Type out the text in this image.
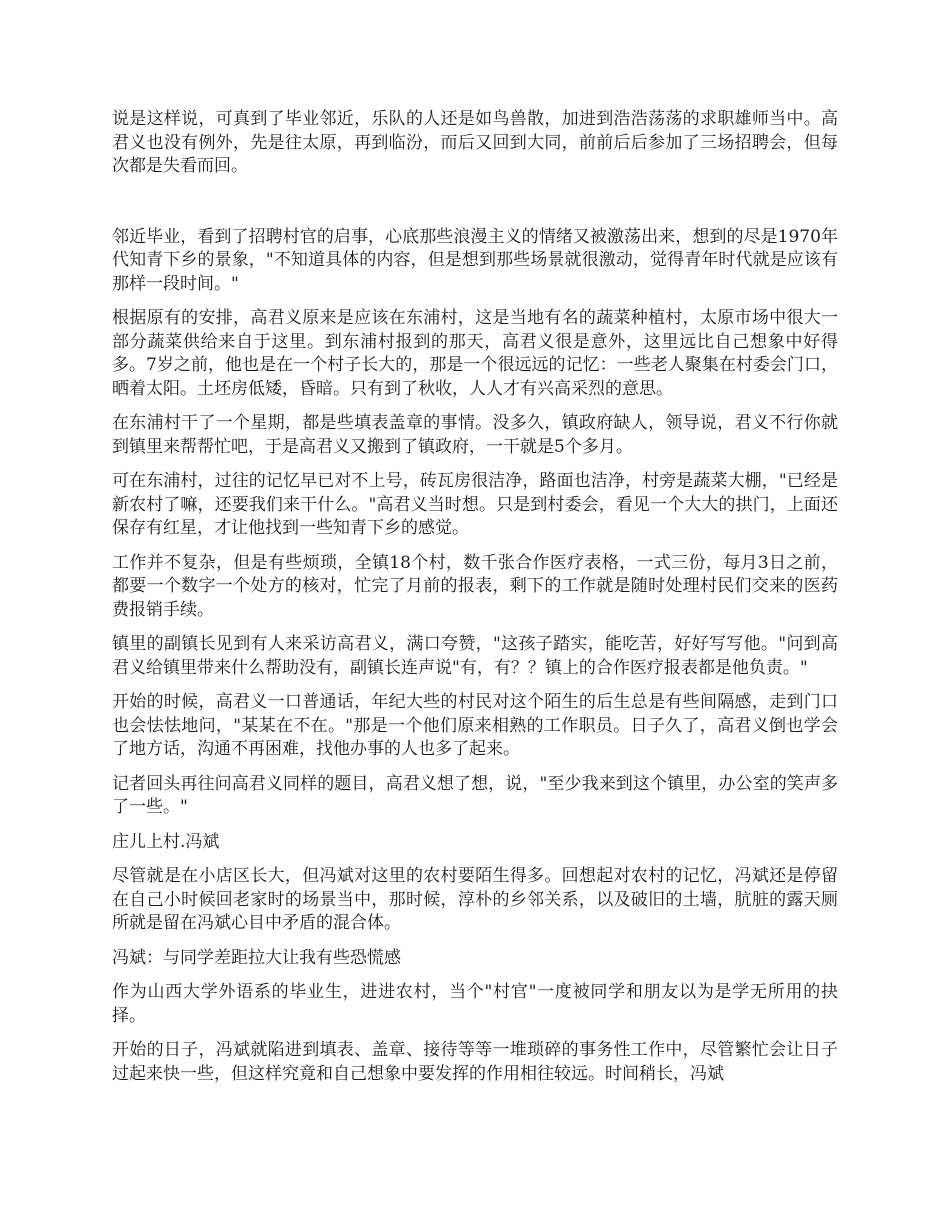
说是这样说，可真到了毕业邻近，乐队的人还是如鸟兽散，加进到浩浩荡荡的求职雄师当中。高君义也没有例外，先是往太原，再到临汾，而后又回到大同，前前后后参加了三场招聘会，但每次都是失看而回。

邻近毕业，看到了招聘村官的启事，心底那些浪漫主义的情绪又被激荡出来，想到的尽是1970年代知青下乡的景象，"不知道具体的内容，但是想到那些场景就很激动，觉得青年时代就是应该有那样一段时间。"

根据原有的安排，高君义原来是应该在东浦村，这是当地有名的蔬菜种植村，太原市场中很大一部分蔬菜供给来自于这里。到东浦村报到的那天，高君义很是意外，这里远比自己想象中好得多。7岁之前，他也是在一个村子长大的，那是一个很远远的记忆：一些老人聚集在村委会门口，晒着太阳。土坯房低矮，昏暗。只有到了秋收，人人才有兴高采烈的意思。

在东浦村干了一个星期，都是些填表盖章的事情。没多久，镇政府缺人，领导说，君义不行你就到镇里来帮帮忙吧，于是高君义又搬到了镇政府，一干就是5个多月。

可在东浦村，过往的记忆早已对不上号，砖瓦房很洁净，路面也洁净，村旁是蔬菜大棚，"已经是新农村了嘛，还要我们来干什么。"高君义当时想。只是到村委会，看见一个大大的拱门，上面还保存有红星，才让他找到一些知青下乡的感觉。

工作并不复杂，但是有些烦琐，全镇18个村，数千张合作医疗表格，一式三份，每月3日之前，都要一个数字一个处方的核对，忙完了月前的报表，剩下的工作就是随时处理村民们交来的医药费报销手续。

镇里的副镇长见到有人来采访高君义，满口夸赞，"这孩子踏实，能吃苦，好好写写他。"问到高君义给镇里带来什么帮助没有，副镇长连声说"有，有？？镇上的合作医疗报表都是他负责。"

开始的时候，高君义一口普通话，年纪大些的村民对这个陌生的后生总是有些间隔感，走到门口也会怯怯地问，"某某在不在。"那是一个他们原来相熟的工作职员。日子久了，高君义倒也学会了地方话，沟通不再困难，找他办事的人也多了起来。

记者回头再往问高君义同样的题目，高君义想了想，说，"至少我来到这个镇里，办公室的笑声多了一些。"

庄儿上村.冯斌

尽管就是在小店区长大，但冯斌对这里的农村要陌生得多。回想起对农村的记忆，冯斌还是停留在自己小时候回老家时的场景当中，那时候，淳朴的乡邻关系，以及破旧的土墙，肮脏的露天厕所就是留在冯斌心目中矛盾的混合体。

冯斌：与同学差距拉大让我有些恐慌感

作为山西大学外语系的毕业生，进进农村，当个"村官"一度被同学和朋友以为是学无所用的抉择。

开始的日子，冯斌就陷进到填表、盖章、接待等等一堆琐碎的事务性工作中，尽管繁忙会让日子过起来快一些，但这样究竟和自己想象中要发挥的作用相往较远。时间稍长，冯斌
